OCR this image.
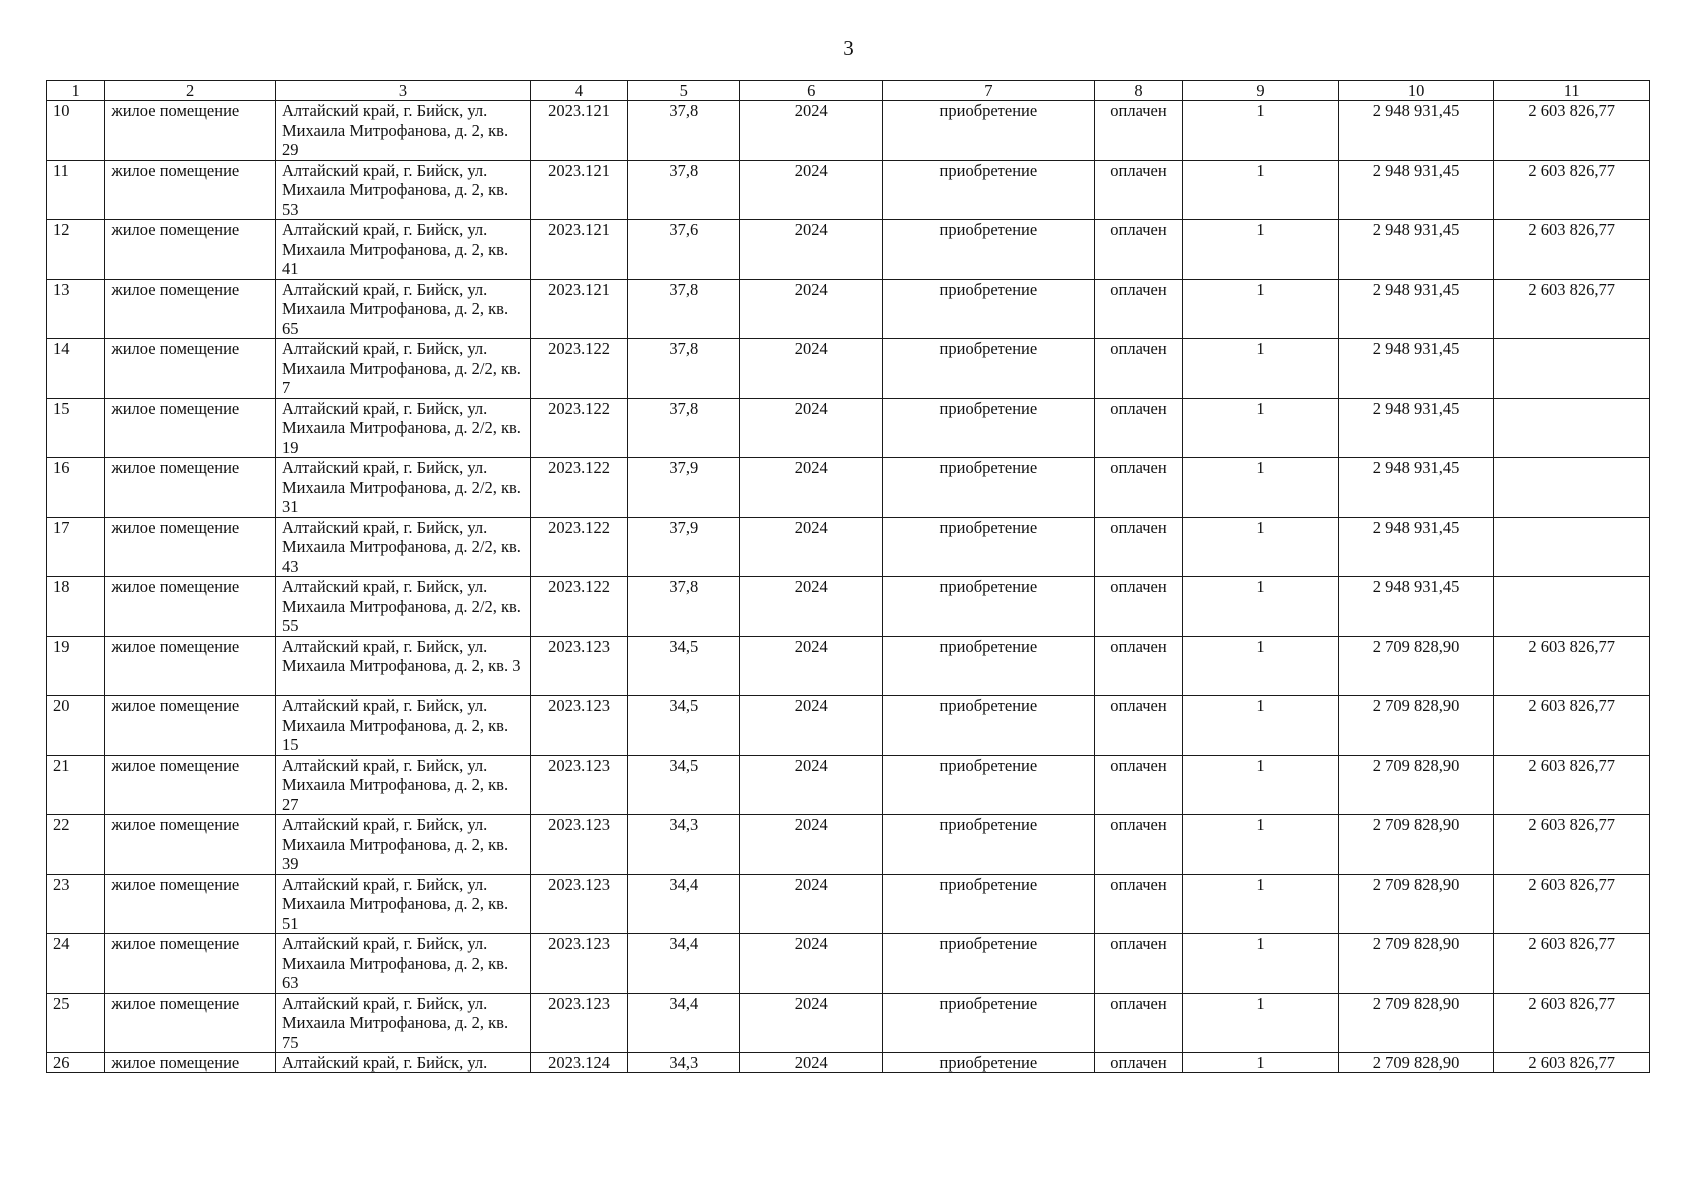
3
1	2	3	4	5	6	7	8	9	10	11
10	жилое помещение	Алтайский край, г. Бийск, ул. Михаила Митрофанова, д. 2, кв. 29	2023.121	37,8	2024	приобретение	оплачен	1	2 948 931,45	2 603 826,77
11	жилое помещение	Алтайский край, г. Бийск, ул. Михаила Митрофанова, д. 2, кв. 53	2023.121	37,8	2024	приобретение	оплачен	1	2 948 931,45	2 603 826,77
12	жилое помещение	Алтайский край, г. Бийск, ул. Михаила Митрофанова, д. 2, кв. 41	2023.121	37,6	2024	приобретение	оплачен	1	2 948 931,45	2 603 826,77
13	жилое помещение	Алтайский край, г. Бийск, ул. Михаила Митрофанова, д. 2, кв. 65	2023.121	37,8	2024	приобретение	оплачен	1	2 948 931,45	2 603 826,77
14	жилое помещение	Алтайский край, г. Бийск, ул. Михаила Митрофанова, д. 2/2, кв. 7	2023.122	37,8	2024	приобретение	оплачен	1	2 948 931,45	
15	жилое помещение	Алтайский край, г. Бийск, ул. Михаила Митрофанова, д. 2/2, кв. 19	2023.122	37,8	2024	приобретение	оплачен	1	2 948 931,45	
16	жилое помещение	Алтайский край, г. Бийск, ул. Михаила Митрофанова, д. 2/2, кв. 31	2023.122	37,9	2024	приобретение	оплачен	1	2 948 931,45	
17	жилое помещение	Алтайский край, г. Бийск, ул. Михаила Митрофанова, д. 2/2, кв. 43	2023.122	37,9	2024	приобретение	оплачен	1	2 948 931,45	
18	жилое помещение	Алтайский край, г. Бийск, ул. Михаила Митрофанова, д. 2/2, кв. 55	2023.122	37,8	2024	приобретение	оплачен	1	2 948 931,45	
19	жилое помещение	Алтайский край, г. Бийск, ул. Михаила Митрофанова, д. 2, кв. 3	2023.123	34,5	2024	приобретение	оплачен	1	2 709 828,90	2 603 826,77
20	жилое помещение	Алтайский край, г. Бийск, ул. Михаила Митрофанова, д. 2, кв. 15	2023.123	34,5	2024	приобретение	оплачен	1	2 709 828,90	2 603 826,77
21	жилое помещение	Алтайский край, г. Бийск, ул. Михаила Митрофанова, д. 2, кв. 27	2023.123	34,5	2024	приобретение	оплачен	1	2 709 828,90	2 603 826,77
22	жилое помещение	Алтайский край, г. Бийск, ул. Михаила Митрофанова, д. 2, кв. 39	2023.123	34,3	2024	приобретение	оплачен	1	2 709 828,90	2 603 826,77
23	жилое помещение	Алтайский край, г. Бийск, ул. Михаила Митрофанова, д. 2, кв. 51	2023.123	34,4	2024	приобретение	оплачен	1	2 709 828,90	2 603 826,77
24	жилое помещение	Алтайский край, г. Бийск, ул. Михаила Митрофанова, д. 2, кв. 63	2023.123	34,4	2024	приобретение	оплачен	1	2 709 828,90	2 603 826,77
25	жилое помещение	Алтайский край, г. Бийск, ул. Михаила Митрофанова, д. 2, кв. 75	2023.123	34,4	2024	приобретение	оплачен	1	2 709 828,90	2 603 826,77
26	жилое помещение	Алтайский край, г. Бийск, ул.	2023.124	34,3	2024	приобретение	оплачен	1	2 709 828,90	2 603 826,77
